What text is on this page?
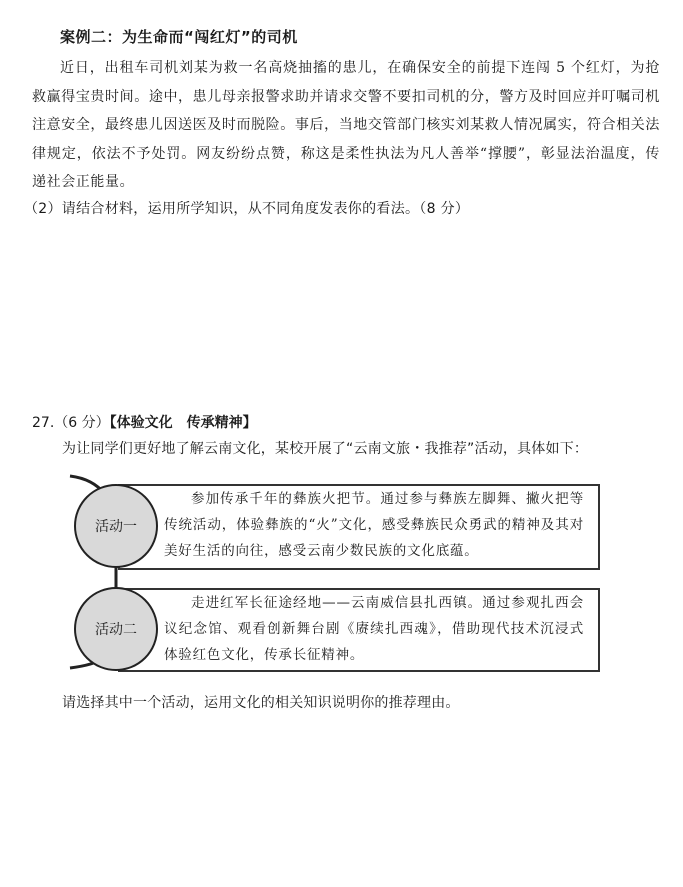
案例二：为生命而“闯红灯”的司机
近日，出租车司机刘某为救一名高烧抽搐的患儿，在确保安全的前提下连闯 5 个红灯，为抢救赢得宝贵时间。途中，患儿母亲报警求助并请求交警不要扣司机的分，警方及时回应并叮嘱司机注意安全，最终患儿因送医及时而脱险。事后，当地交管部门核实刘某救人情况属实，符合相关法律规定，依法不予处罚。网友纷纷点赞，称这是柔性执法为凡人善举“撑腰”，彰显法治温度，传递社会正能量。
（2）请结合材料，运用所学知识，从不同角度发表你的看法。（8 分）
27.（6 分）【体验文化　传承精神】
为让同学们更好地了解云南文化，某校开展了“云南文旅・我推荐”活动，具体如下：
活动一
参加传承千年的彝族火把节。通过参与彝族左脚舞、撇火把等传统活动，体验彝族的“火”文化，感受彝族民众勇武的精神及其对美好生活的向往，感受云南少数民族的文化底蕴。
活动二
走进红军长征途经地——云南威信县扎西镇。通过参观扎西会议纪念馆、观看创新舞台剧《赓续扎西魂》，借助现代技术沉浸式体验红色文化，传承长征精神。
请选择其中一个活动，运用文化的相关知识说明你的推荐理由。
